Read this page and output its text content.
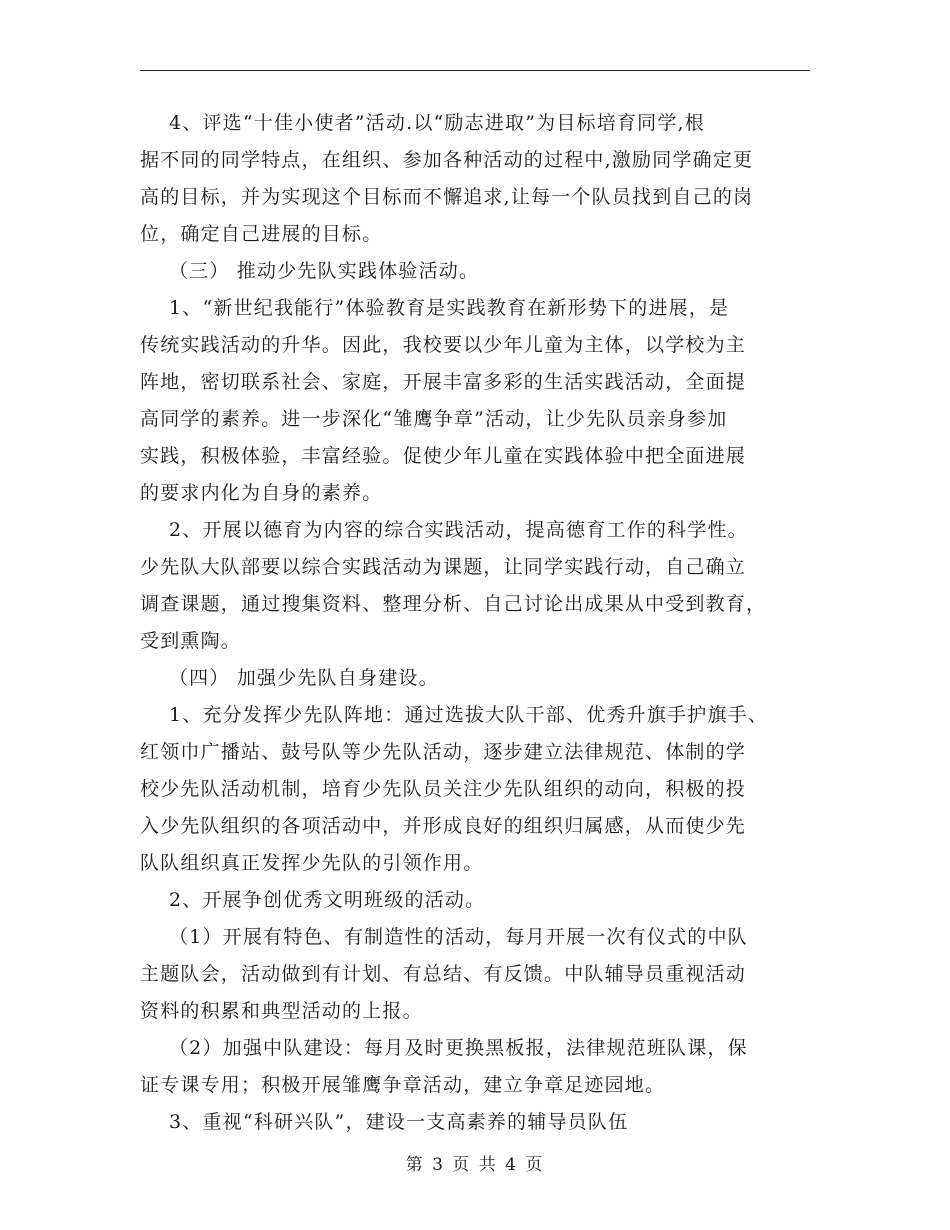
4、评选“十佳小使者”活动.以“励志进取”为目标培育同学,根
据不同的同学特点，在组织、参加各种活动的过程中,激励同学确定更
高的目标，并为实现这个目标而不懈追求,让每一个队员找到自己的岗
位，确定自己进展的目标。
（三） 推动少先队实践体验活动。
1、“新世纪我能行”体验教育是实践教育在新形势下的进展，是
传统实践活动的升华。因此，我校要以少年儿童为主体，以学校为主
阵地，密切联系社会、家庭，开展丰富多彩的生活实践活动，全面提
高同学的素养。进一步深化“雏鹰争章”活动，让少先队员亲身参加
实践，积极体验，丰富经验。促使少年儿童在实践体验中把全面进展
的要求内化为自身的素养。
2、开展以德育为内容的综合实践活动，提高德育工作的科学性。
少先队大队部要以综合实践活动为课题，让同学实践行动，自己确立
调查课题，通过搜集资料、整理分析、自己讨论出成果从中受到教育，
受到熏陶。
（四） 加强少先队自身建设。
1、充分发挥少先队阵地：通过选拔大队干部、优秀升旗手护旗手、
红领巾广播站、鼓号队等少先队活动，逐步建立法律规范、体制的学
校少先队活动机制，培育少先队员关注少先队组织的动向，积极的投
入少先队组织的各项活动中，并形成良好的组织归属感，从而使少先
队队组织真正发挥少先队的引领作用。
2、开展争创优秀文明班级的活动。
（1）开展有特色、有制造性的活动，每月开展一次有仪式的中队
主题队会，活动做到有计划、有总结、有反馈。中队辅导员重视活动
资料的积累和典型活动的上报。
（2）加强中队建设：每月及时更换黑板报，法律规范班队课，保
证专课专用；积极开展雏鹰争章活动，建立争章足迹园地。
3、重视“科研兴队”，建设一支高素养的辅导员队伍
第 3 页 共 4 页
